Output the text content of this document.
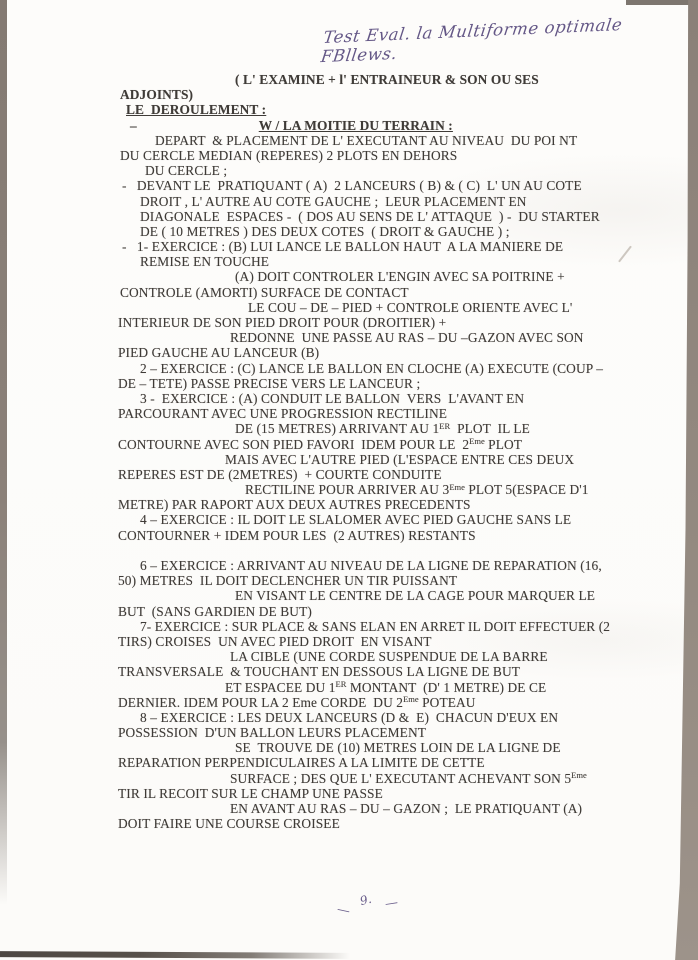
Test Eval. la Multiforme optimale FBllews.
( L' EXAMINE + l' ENTRAINEUR & SON OU SES
ADJOINTS)
LE  DEROULEMENT :
–	W / LA MOITIE DU TERRAIN :
DEPART  & PLACEMENT DE L' EXECUTANT AU NIVEAU  DU POI NT
DU CERCLE MEDIAN (REPERES) 2 PLOTS EN DEHORS
DU CERCLE ;
-   DEVANT LE  PRATIQUANT ( A)  2 LANCEURS ( B) & ( C)  L' UN AU COTE
DROIT , L' AUTRE AU COTE GAUCHE ;  LEUR PLACEMENT EN
DIAGONALE  ESPACES -  ( DOS AU SENS DE L' ATTAQUE  ) -  DU STARTER
DE ( 10 METRES ) DES DEUX COTES  ( DROIT & GAUCHE ) ;
-   1- EXERCICE : (B) LUI LANCE LE BALLON HAUT  A LA MANIERE DE
REMISE EN TOUCHE
(A) DOIT CONTROLER L'ENGIN AVEC SA POITRINE +
CONTROLE (AMORTI) SURFACE DE CONTACT
LE COU – DE – PIED + CONTROLE ORIENTE AVEC L'
INTERIEUR DE SON PIED DROIT POUR (DROITIER) +
REDONNE  UNE PASSE AU RAS – DU –GAZON AVEC SON
PIED GAUCHE AU LANCEUR (B)
2 – EXERCICE : (C) LANCE LE BALLON EN CLOCHE (A) EXECUTE (COUP –
DE – TETE) PASSE PRECISE VERS LE LANCEUR ;
3 -  EXERCICE : (A) CONDUIT LE BALLON  VERS  L'AVANT EN
PARCOURANT AVEC UNE PROGRESSION RECTILINE
DE (15 METRES) ARRIVANT AU 1ER  PLOT  IL LE
CONTOURNE AVEC SON PIED FAVORI  IDEM POUR LE  2Eme PLOT
MAIS AVEC L'AUTRE PIED (L'ESPACE ENTRE CES DEUX
REPERES EST DE (2METRES)  + COURTE CONDUITE
RECTILINE POUR ARRIVER AU 3Eme PLOT 5(ESPACE D'1
METRE) PAR RAPORT AUX DEUX AUTRES PRECEDENTS
4 – EXERCICE : IL DOIT LE SLALOMER AVEC PIED GAUCHE SANS LE
CONTOURNER + IDEM POUR LES  (2 AUTRES) RESTANTS

6 – EXERCICE : ARRIVANT AU NIVEAU DE LA LIGNE DE REPARATION (16,
50) METRES  IL DOIT DECLENCHER UN TIR PUISSANT
EN VISANT LE CENTRE DE LA CAGE POUR MARQUER LE
BUT  (SANS GARDIEN DE BUT)
7- EXERCICE : SUR PLACE & SANS ELAN EN ARRET IL DOIT EFFECTUER (2
TIRS) CROISES  UN AVEC PIED DROIT  EN VISANT
LA CIBLE (UNE CORDE SUSPENDUE DE LA BARRE
TRANSVERSALE  & TOUCHANT EN DESSOUS LA LIGNE DE BUT
ET ESPACEE DU 1ER MONTANT  (D' 1 METRE) DE CE
DERNIER. IDEM POUR LA 2 Eme CORDE  DU 2Eme POTEAU
8 – EXERCICE : LES DEUX LANCEURS (D &  E)  CHACUN D'EUX EN
POSSESSION  D'UN BALLON LEURS PLACEMENT
SE  TROUVE DE (10) METRES LOIN DE LA LIGNE DE
REPARATION PERPENDICULAIRES A LA LIMITE DE CETTE
SURFACE ; DES QUE L' EXECUTANT ACHEVANT SON 5Eme
TIR IL RECOIT SUR LE CHAMP UNE PASSE
EN AVANT AU RAS – DU – GAZON ;  LE PRATIQUANT (A)
DOIT FAIRE UNE COURSE CROISEE
—
9. —
